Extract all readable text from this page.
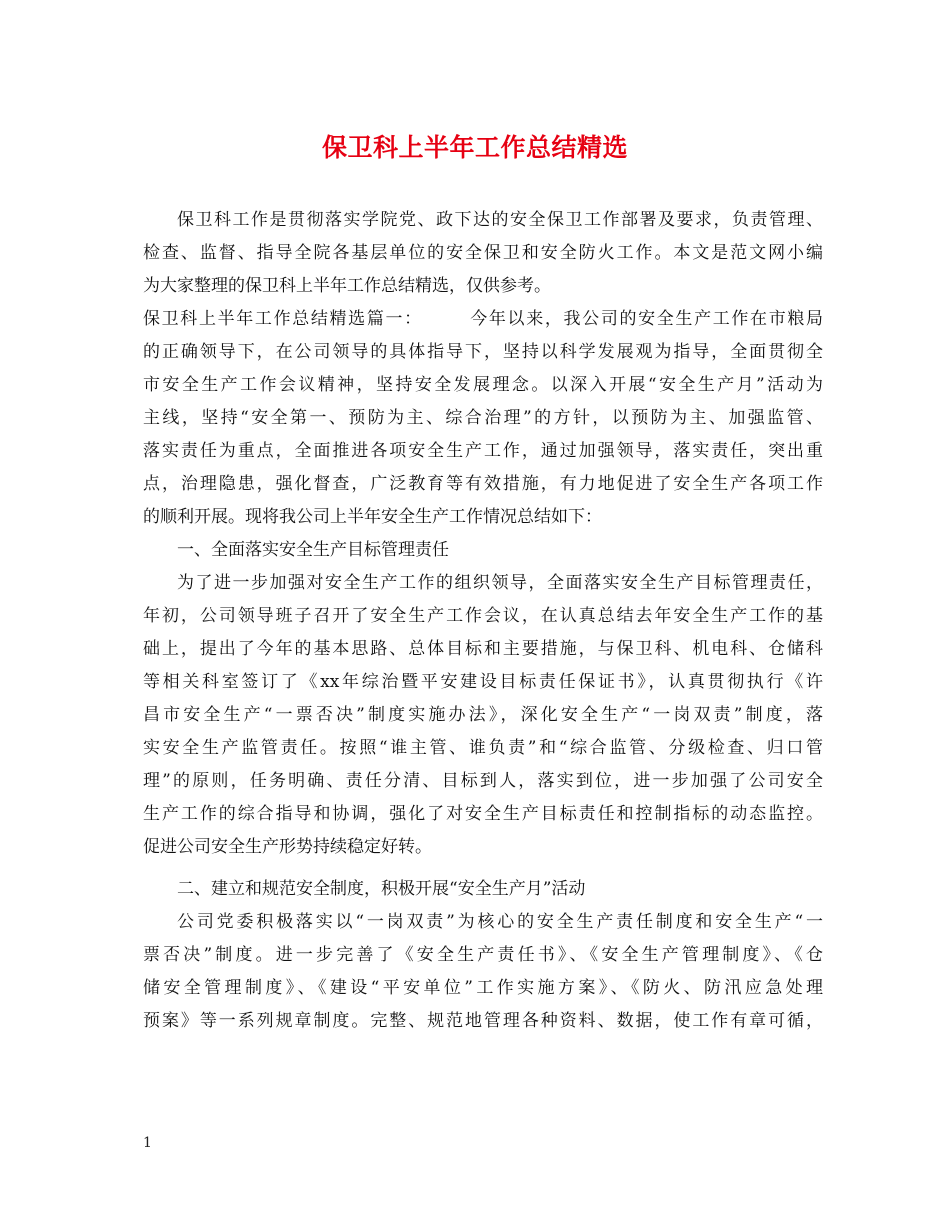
保卫科上半年工作总结精选
保卫科工作是贯彻落实学院党、政下达的安全保卫工作部署及要求，负责管理、
检查、监督、指导全院各基层单位的安全保卫和安全防火工作。本文是范文网小编
为大家整理的保卫科上半年工作总结精选，仅供参考。
保卫科上半年工作总结精选篇一：　　　今年以来，我公司的安全生产工作在市粮局
的正确领导下，在公司领导的具体指导下，坚持以科学发展观为指导，全面贯彻全
市安全生产工作会议精神，坚持安全发展理念。以深入开展“安全生产月”活动为
主线，坚持“安全第一、预防为主、综合治理”的方针，以预防为主、加强监管、
落实责任为重点，全面推进各项安全生产工作，通过加强领导，落实责任，突出重
点，治理隐患，强化督查，广泛教育等有效措施，有力地促进了安全生产各项工作
的顺利开展。现将我公司上半年安全生产工作情况总结如下：
一、全面落实安全生产目标管理责任
为了进一步加强对安全生产工作的组织领导，全面落实安全生产目标管理责任，
年初，公司领导班子召开了安全生产工作会议，在认真总结去年安全生产工作的基
础上，提出了今年的基本思路、总体目标和主要措施，与保卫科、机电科、仓储科
等相关科室签订了《xx年综治暨平安建设目标责任保证书》，认真贯彻执行《许
昌市安全生产“一票否决”制度实施办法》，深化安全生产“一岗双责”制度，落
实安全生产监管责任。按照“谁主管、谁负责”和“综合监管、分级检查、归口管
理”的原则，任务明确、责任分清、目标到人，落实到位，进一步加强了公司安全
生产工作的综合指导和协调，强化了对安全生产目标责任和控制指标的动态监控。
促进公司安全生产形势持续稳定好转。
二、建立和规范安全制度，积极开展“安全生产月”活动
公司党委积极落实以“一岗双责”为核心的安全生产责任制度和安全生产“一
票否决”制度。进一步完善了《安全生产责任书》、《安全生产管理制度》、《仓
储安全管理制度》、《建设“平安单位”工作实施方案》、《防火、防汛应急处理
预案》等一系列规章制度。完整、规范地管理各种资料、数据，使工作有章可循，
1
